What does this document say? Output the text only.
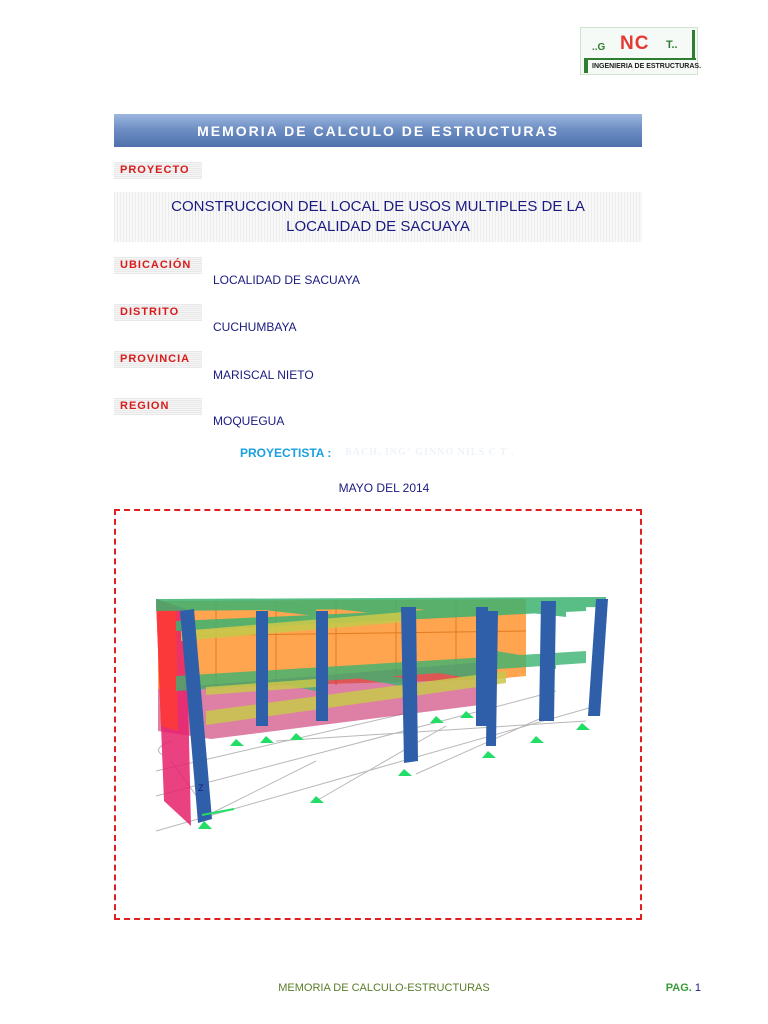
..G NC T..
INGENIERIA DE ESTRUCTURAS.
MEMORIA DE CALCULO DE ESTRUCTURAS
PROYECTO
CONSTRUCCION DEL LOCAL DE USOS MULTIPLES DE LA LOCALIDAD DE SACUAYA
UBICACIÓN
LOCALIDAD DE SACUAYA
DISTRITO
CUCHUMBAYA
PROVINCIA
MARISCAL NIETO
REGION
MOQUEGUA
PROYECTISTA : BACH. ING° GINNO NILS C T .
MAYO DEL 2014
Z
MEMORIA DE CALCULO-ESTRUCTURAS	PAG. 1
